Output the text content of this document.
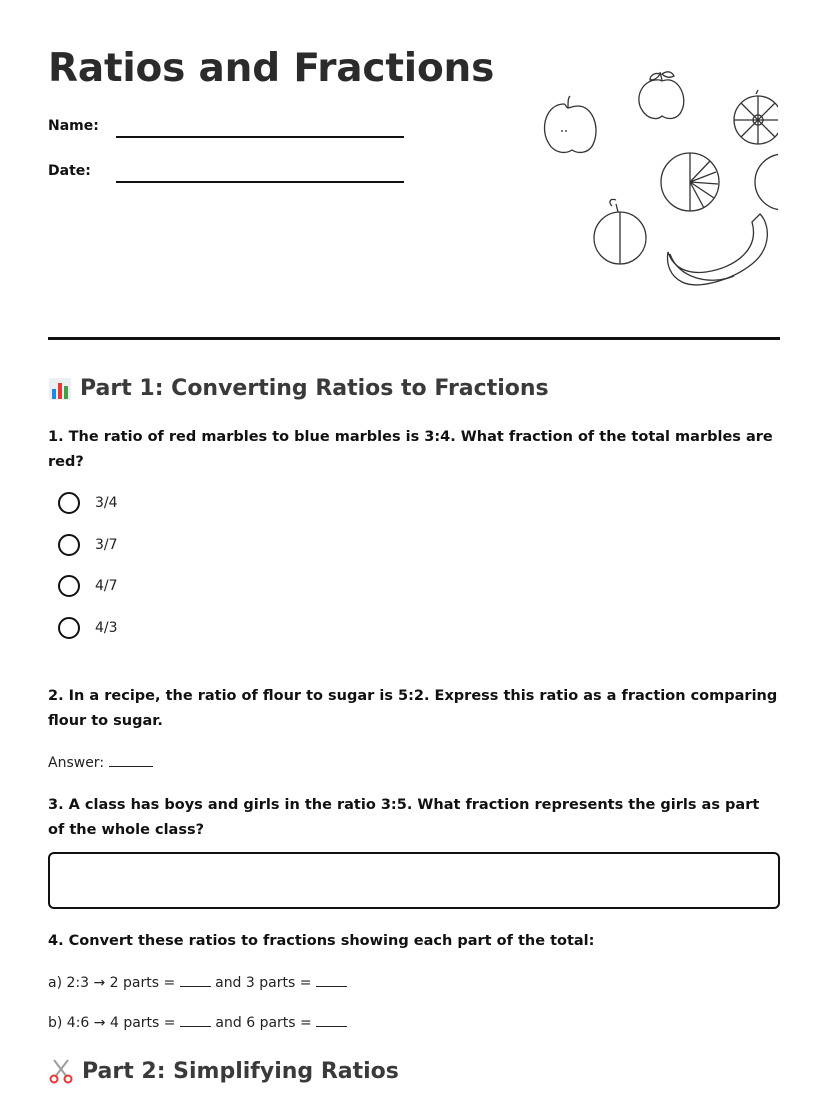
Ratios and Fractions
Name:
Date:
Part 1: Converting Ratios to Fractions

1. The ratio of red marbles to blue marbles is 3:4. What fraction of the total marbles are red?

3/4
3/7
4/7
4/3

2. In a recipe, the ratio of flour to sugar is 5:2. Express this ratio as a fraction comparing flour to sugar.

Answer:

3. A class has boys and girls in the ratio 3:5. What fraction represents the girls as part of the whole class?

4. Convert these ratios to fractions showing each part of the total:

a) 2:3 → 2 parts =	and 3 parts =
b) 4:6 → 4 parts =	and 6 parts =
Part 2: Simplifying Ratios
